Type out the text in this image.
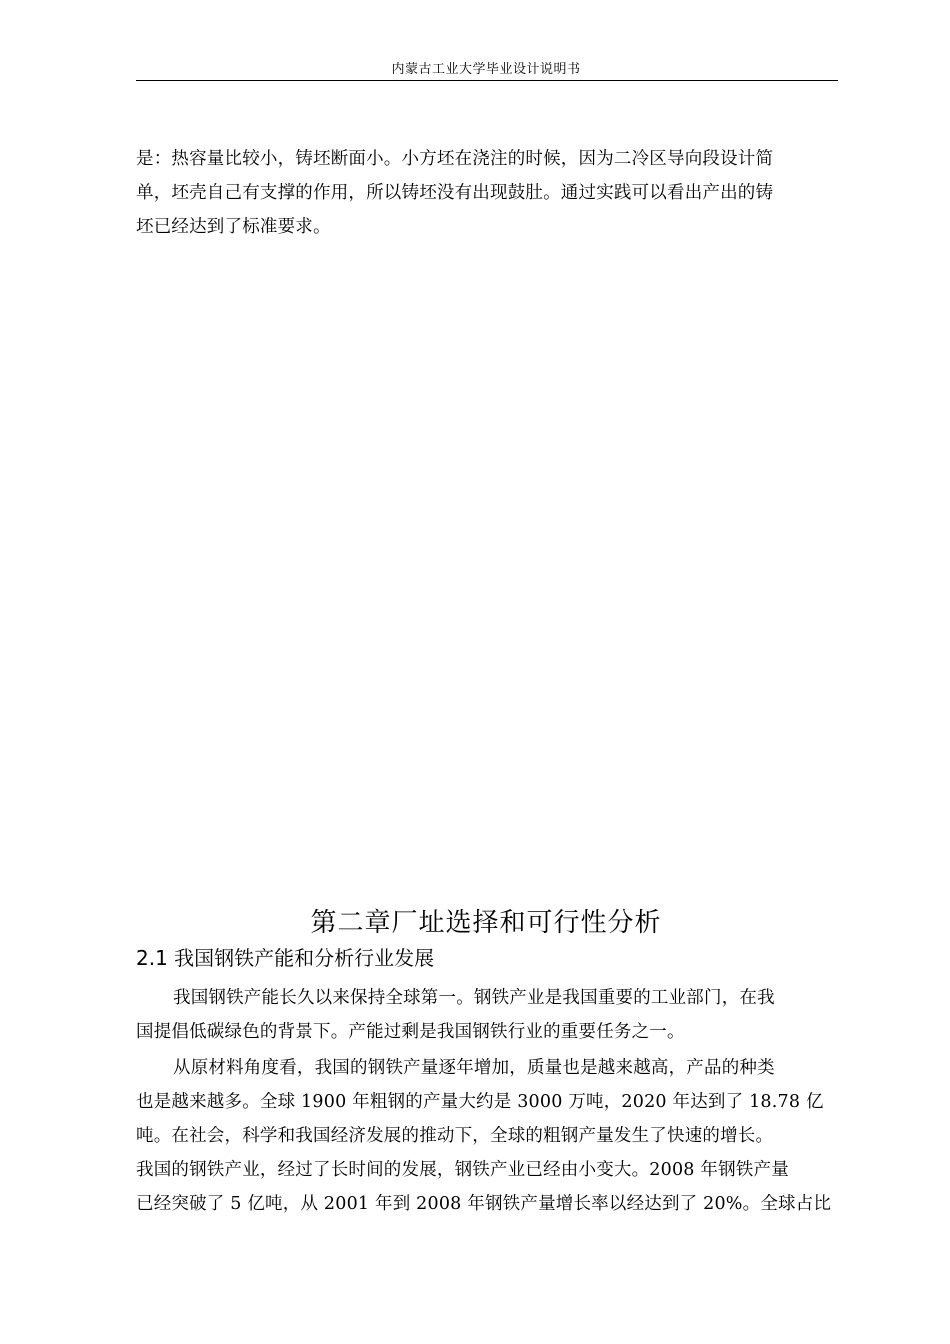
内蒙古工业大学毕业设计说明书
是：热容量比较小，铸坯断面小。小方坯在浇注的时候，因为二冷区导向段设计简
单，坯壳自己有支撑的作用，所以铸坯没有出现鼓肚。通过实践可以看出产出的铸
坯已经达到了标准要求。
第二章厂址选择和可行性分析
2.1 我国钢铁产能和分析行业发展
我国钢铁产能长久以来保持全球第一。钢铁产业是我国重要的工业部门，在我
国提倡低碳绿色的背景下。产能过剩是我国钢铁行业的重要任务之一。
从原材料角度看，我国的钢铁产量逐年增加，质量也是越来越高，产品的种类
也是越来越多。全球 1900 年粗钢的产量大约是 3000 万吨，2020 年达到了 18.78 亿
吨。在社会，科学和我国经济发展的推动下，全球的粗钢产量发生了快速的增长。
我国的钢铁产业，经过了长时间的发展，钢铁产业已经由小变大。2008 年钢铁产量
已经突破了 5 亿吨，从 2001 年到 2008 年钢铁产量增长率以经达到了 20%。全球占比
